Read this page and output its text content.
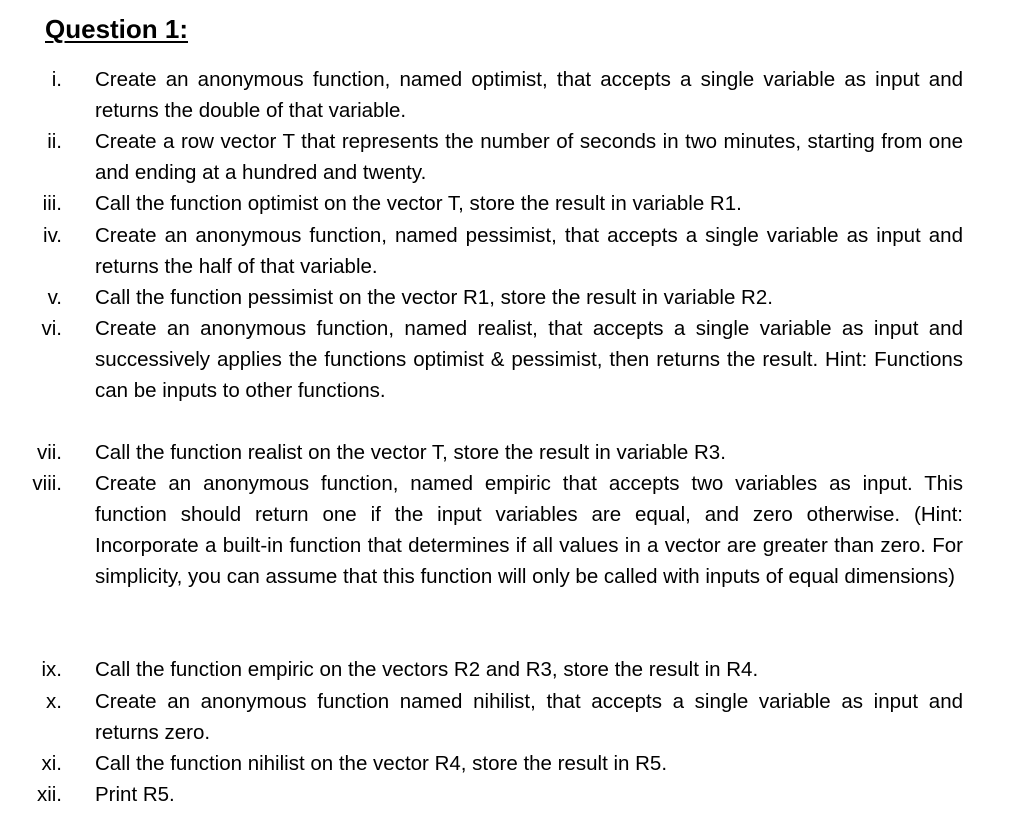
Question 1:
i. Create an anonymous function, named optimist, that accepts a single variable as input and returns the double of that variable.
ii. Create a row vector T that represents the number of seconds in two minutes, starting from one and ending at a hundred and twenty.
iii. Call the function optimist on the vector T, store the result in variable R1.
iv. Create an anonymous function, named pessimist, that accepts a single variable as input and returns the half of that variable.
v. Call the function pessimist on the vector R1, store the result in variable R2.
vi. Create an anonymous function, named realist, that accepts a single variable as input and successively applies the functions optimist & pessimist, then returns the result. Hint: Functions can be inputs to other functions.
vii. Call the function realist on the vector T, store the result in variable R3.
viii. Create an anonymous function, named empiric that accepts two variables as input. This function should return one if the input variables are equal, and zero otherwise. (Hint: Incorporate a built-in function that determines if all values in a vector are greater than zero. For simplicity, you can assume that this function will only be called with inputs of equal dimensions)
ix. Call the function empiric on the vectors R2 and R3, store the result in R4.
x. Create an anonymous function named nihilist, that accepts a single variable as input and returns zero.
xi. Call the function nihilist on the vector R4, store the result in R5.
xii. Print R5.
